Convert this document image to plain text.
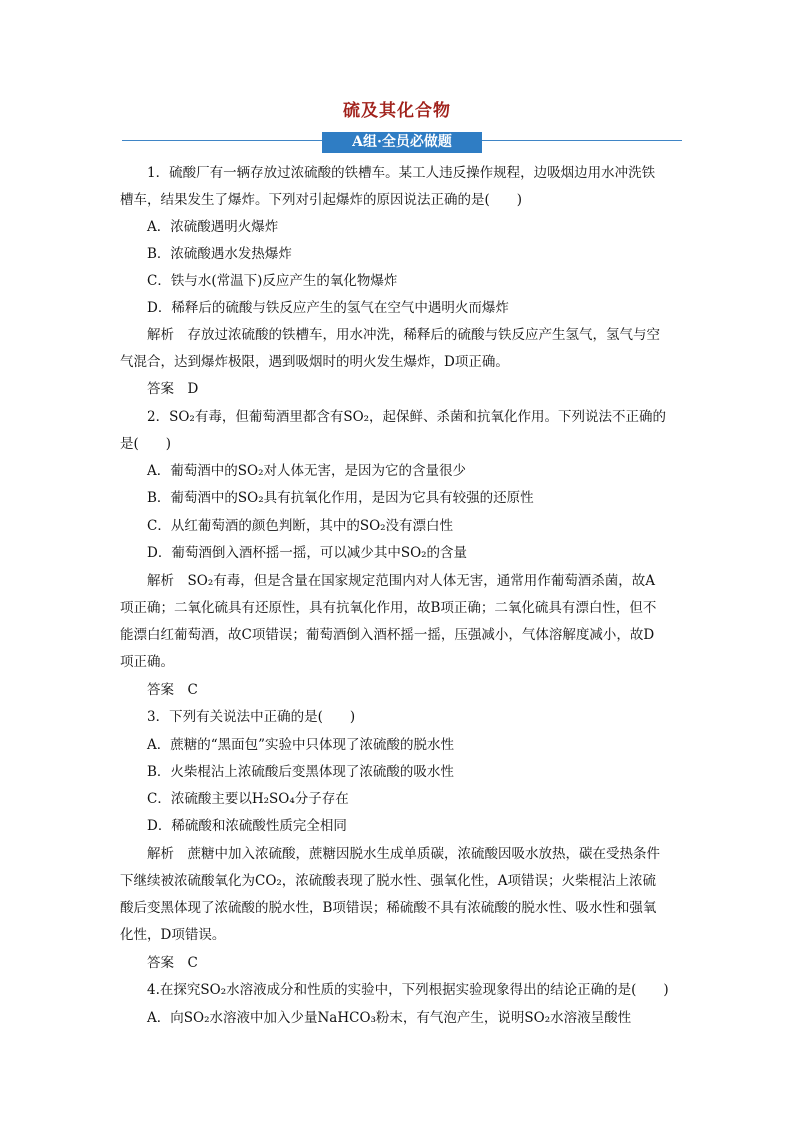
硫及其化合物
A组·全员必做题
1．硫酸厂有一辆存放过浓硫酸的铁槽车。某工人违反操作规程，边吸烟边用水冲洗铁
槽车，结果发生了爆炸。下列对引起爆炸的原因说法正确的是(　　)
A．浓硫酸遇明火爆炸
B．浓硫酸遇水发热爆炸
C．铁与水(常温下)反应产生的氧化物爆炸
D．稀释后的硫酸与铁反应产生的氢气在空气中遇明火而爆炸
解析　存放过浓硫酸的铁槽车，用水冲洗，稀释后的硫酸与铁反应产生氢气，氢气与空
气混合，达到爆炸极限，遇到吸烟时的明火发生爆炸，D项正确。
答案　D
2．SO₂有毒，但葡萄酒里都含有SO₂，起保鲜、杀菌和抗氧化作用。下列说法不正确的
是(　　)
A．葡萄酒中的SO₂对人体无害，是因为它的含量很少
B．葡萄酒中的SO₂具有抗氧化作用，是因为它具有较强的还原性
C．从红葡萄酒的颜色判断，其中的SO₂没有漂白性
D．葡萄酒倒入酒杯摇一摇，可以减少其中SO₂的含量
解析　SO₂有毒，但是含量在国家规定范围内对人体无害，通常用作葡萄酒杀菌，故A
项正确；二氧化硫具有还原性，具有抗氧化作用，故B项正确；二氧化硫具有漂白性，但不
能漂白红葡萄酒，故C项错误；葡萄酒倒入酒杯摇一摇，压强减小，气体溶解度减小，故D
项正确。
答案　C
3．下列有关说法中正确的是(　　)
A．蔗糖的“黑面包”实验中只体现了浓硫酸的脱水性
B．火柴棍沾上浓硫酸后变黑体现了浓硫酸的吸水性
C．浓硫酸主要以H₂SO₄分子存在
D．稀硫酸和浓硫酸性质完全相同
解析　蔗糖中加入浓硫酸，蔗糖因脱水生成单质碳，浓硫酸因吸水放热，碳在受热条件
下继续被浓硫酸氧化为CO₂，浓硫酸表现了脱水性、强氧化性，A项错误；火柴棍沾上浓硫
酸后变黑体现了浓硫酸的脱水性，B项错误；稀硫酸不具有浓硫酸的脱水性、吸水性和强氧
化性，D项错误。
答案　C
4.在探究SO₂水溶液成分和性质的实验中，下列根据实验现象得出的结论正确的是(　　)
A．向SO₂水溶液中加入少量NaHCO₃粉末，有气泡产生，说明SO₂水溶液呈酸性
